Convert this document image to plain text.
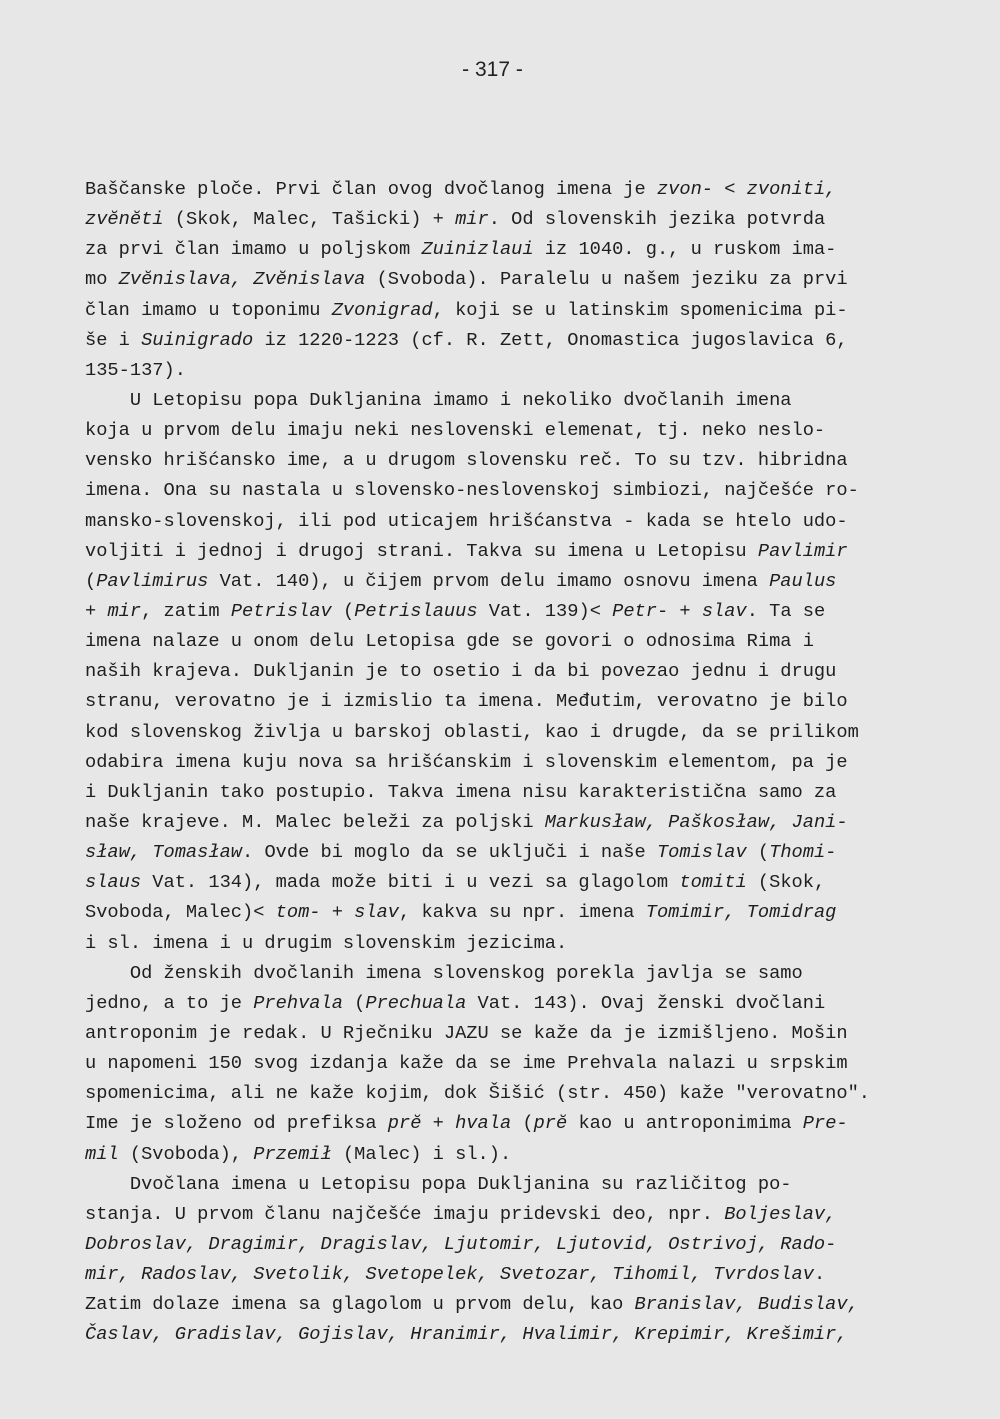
- 317 -
Baščanske ploče. Prvi član ovog dvočlanog imena je zvon- < zvoniti,
zvĕnĕti (Skok, Malec, Tašicki) + mir. Od slovenskih jezika potvrda
za prvi član imamo u poljskom Zuinizlaui iz 1040. g., u ruskom ima-
mo Zvĕnislava, Zvĕnislava (Svoboda). Paralelu u našem jeziku za prvi
član imamo u toponimu Zvonigrad, koji se u latinskim spomenicima pi-
še i Suinigrado iz 1220-1223 (cf. R. Zett, Onomastica jugoslavica 6,
135-137).
U Letopisu popa Dukljanina imamo i nekoliko dvočlanih imena
koja u prvom delu imaju neki neslovenski elemenat, tj. neko neslo-
vensko hrišćansko ime, a u drugom slovensku reč. To su tzv. hibridna
imena. Ona su nastala u slovensko-neslovenskoj simbiozi, najčešće ro-
mansko-slovenskoj, ili pod uticajem hrišćanstva - kada se htelo udo-
voljiti i jednoj i drugoj strani. Takva su imena u Letopisu Pavlimir
(Pavlimirus Vat. 140), u čijem prvom delu imamo osnovu imena Paulus
+ mir, zatim Petrislav (Petrislauus Vat. 139)< Petr- + slav. Ta se
imena nalaze u onom delu Letopisa gde se govori o odnosima Rima i
naših krajeva. Dukljanin je to osetio i da bi povezao jednu i drugu
stranu, verovatno je i izmislio ta imena. Međutim, verovatno je bilo
kod slovenskog življa u barskoj oblasti, kao i drugde, da se prilikom
odabira imena kuju nova sa hrišćanskim i slovenskim elementom, pa je
i Dukljanin tako postupio. Takva imena nisu karakteristična samo za
naše krajeve. M. Malec beleži za poljski Markusław, Paškosław, Jani-
sław, Tomasław. Ovde bi moglo da se uključi i naše Tomislav (Thomi-
slaus Vat. 134), mada može biti i u vezi sa glagolom tomiti (Skok,
Svoboda, Malec)< tom- + slav, kakva su npr. imena Tomimir, Tomidrag
i sl. imena i u drugim slovenskim jezicima.
Od ženskih dvočlanih imena slovenskog porekla javlja se samo
jedno, a to je Prehvala (Prechuala Vat. 143). Ovaj ženski dvočlani
antroponim je redak. U Rječniku JAZU se kaže da je izmišljeno. Mošin
u napomeni 150 svog izdanja kaže da se ime Prehvala nalazi u srpskim
spomenicima, ali ne kaže kojim, dok Šišić (str. 450) kaže "verovatno".
Ime je složeno od prefiksa prĕ + hvala (prĕ kao u antroponimima Pre-
mil (Svoboda), Przemił (Malec) i sl.).
Dvočlana imena u Letopisu popa Dukljanina su različitog po-
stanja. U prvom članu najčešće imaju pridevski deo, npr. Boljeslav,
Dobroslav, Dragimir, Dragislav, Ljutomir, Ljutovid, Ostrivoj, Rado-
mir, Radoslav, Svetolik, Svetopelek, Svetozar, Tihomil, Tvrdoslav.
Zatim dolaze imena sa glagolom u prvom delu, kao Branislav, Budislav,
Časlav, Gradislav, Gojislav, Hranimir, Hvalimir, Krepimir, Krešimir,
